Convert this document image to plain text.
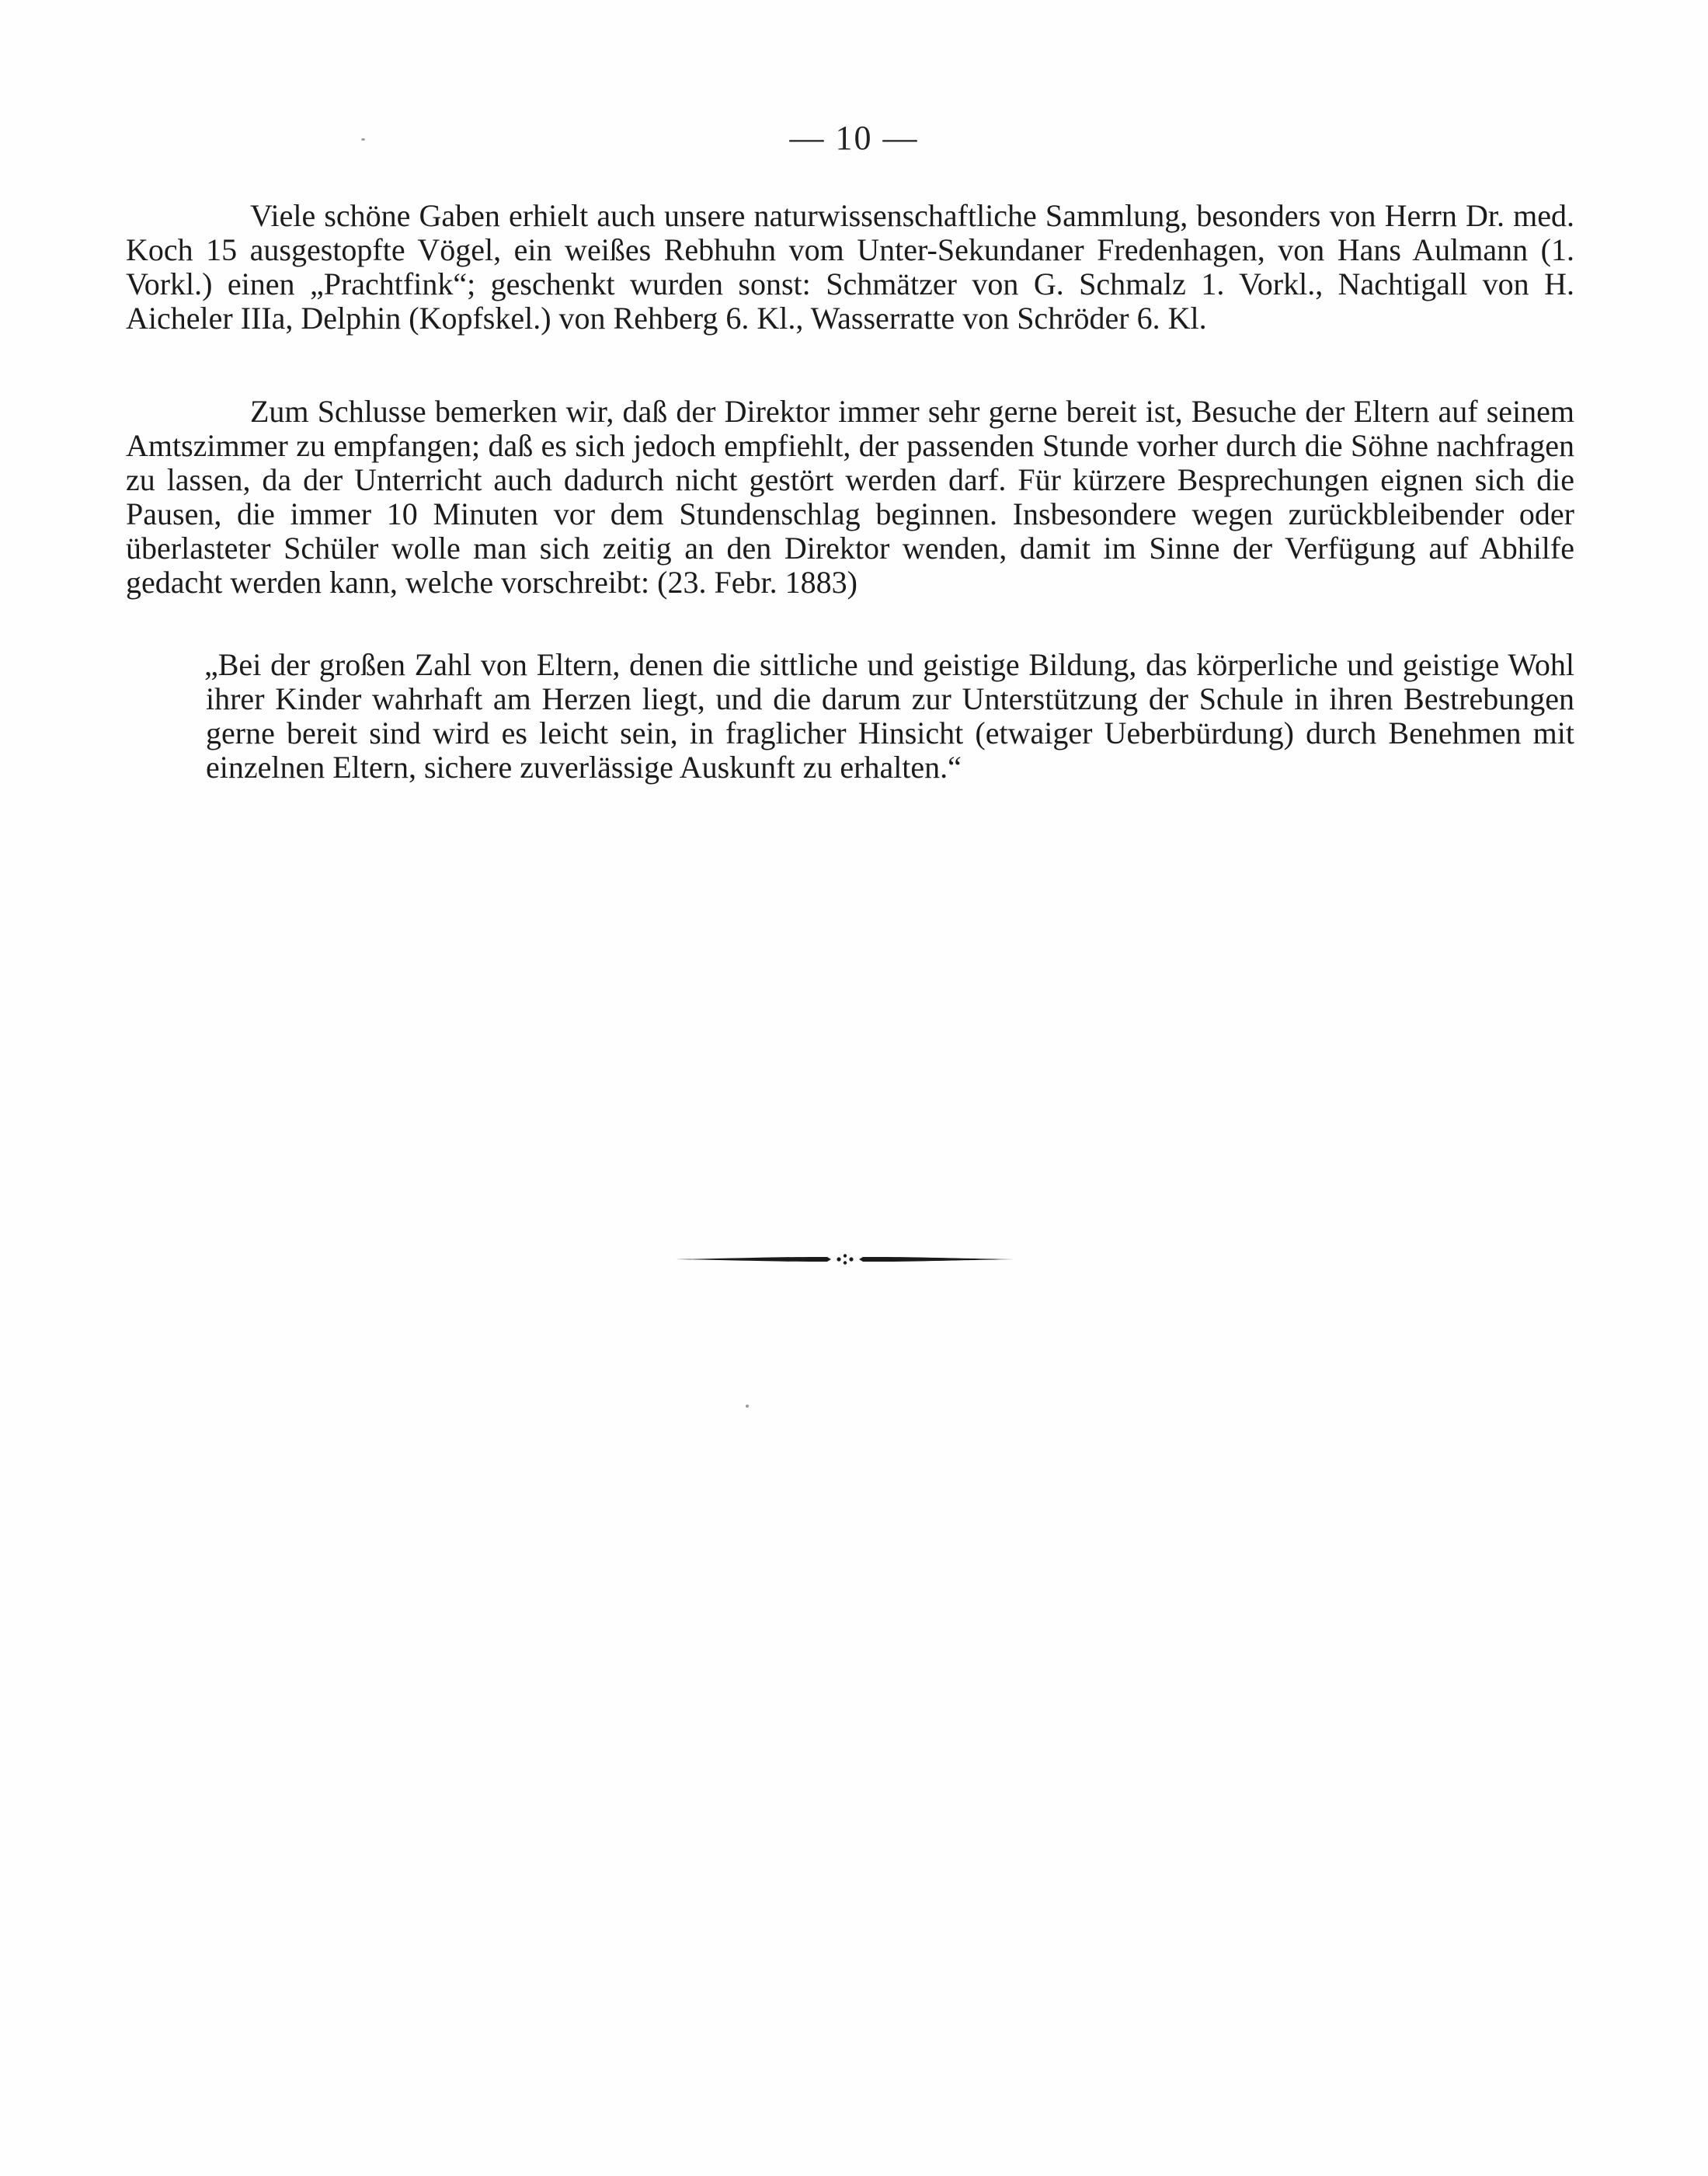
— 10 —

Viele schöne Gaben erhielt auch unsere naturwissenschaftliche Sammlung, besonders von Herrn Dr. med. Koch 15 ausgestopfte Vögel, ein weißes Rebhuhn vom Unter-Sekundaner Fredenhagen, von Hans Aulmann (1. Vorkl.) einen „Prachtfink“; geschenkt wurden sonst: Schmätzer von G. Schmalz 1. Vorkl., Nachtigall von H. Aicheler IIIa, Delphin (Kopfskel.) von Rehberg 6. Kl., Wasserratte von Schröder 6. Kl.

Zum Schlusse bemerken wir, daß der Direktor immer sehr gerne bereit ist, Besuche der Eltern auf seinem Amtszimmer zu empfangen; daß es sich jedoch empfiehlt, der passenden Stunde vorher durch die Söhne nachfragen zu lassen, da der Unterricht auch dadurch nicht gestört werden darf. Für kürzere Besprechungen eignen sich die Pausen, die immer 10 Minuten vor dem Stundenschlag beginnen. Insbesondere wegen zurückbleibender oder überlasteter Schüler wolle man sich zeitig an den Direktor wenden, damit im Sinne der Verfügung auf Abhilfe gedacht werden kann, welche vorschreibt: (23. Febr. 1883)

„Bei der großen Zahl von Eltern, denen die sittliche und geistige Bildung, das körperliche und geistige Wohl ihrer Kinder wahrhaft am Herzen liegt, und die darum zur Unterstützung der Schule in ihren Bestrebungen gerne bereit sind wird es leicht sein, in fraglicher Hinsicht (etwaiger Ueberbürdung) durch Benehmen mit einzelnen Eltern, sichere zuverlässige Auskunft zu erhalten.“
